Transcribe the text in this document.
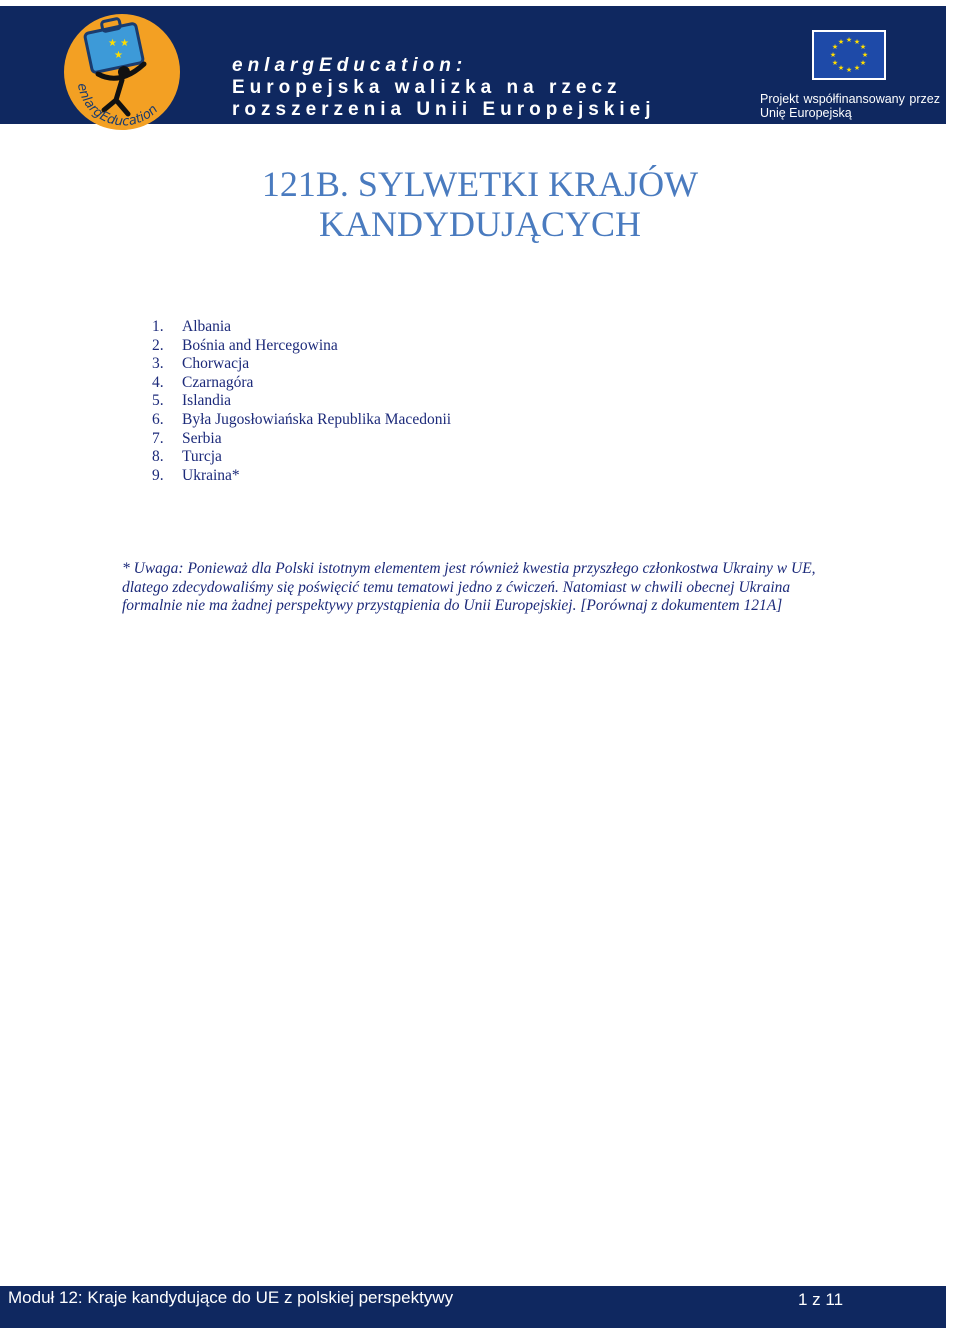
★ ★
★
enlargEducation
enlargEducation:
Europejska walizka na rzecz
rozszerzenia Unii Europejskiej
★ ★
★
★
★
★
★
★
★
★
★
★
Projekt współfinansowany przez
Unię Europejską
121B. SYLWETKI KRAJÓW
KANDYDUJĄCYCH
1. Albania
2. Bośnia and Hercegowina
3. Chorwacja
4. Czarnagóra
5. Islandia
6. Była Jugosłowiańska Republika Macedonii
7. Serbia
8. Turcja
9. Ukraina*
* Uwaga: Ponieważ dla Polski istotnym elementem jest również kwestia przyszłego członkostwa Ukrainy w UE,
dlatego zdecydowaliśmy się poświęcić temu tematowi jedno z ćwiczeń. Natomiast w chwili obecnej Ukraina
formalnie nie ma żadnej perspektywy przystąpienia do Unii Europejskiej. [Porównaj z dokumentem 121A]
Moduł 12: Kraje kandydujące do UE z polskiej perspektywy	1 z 11
